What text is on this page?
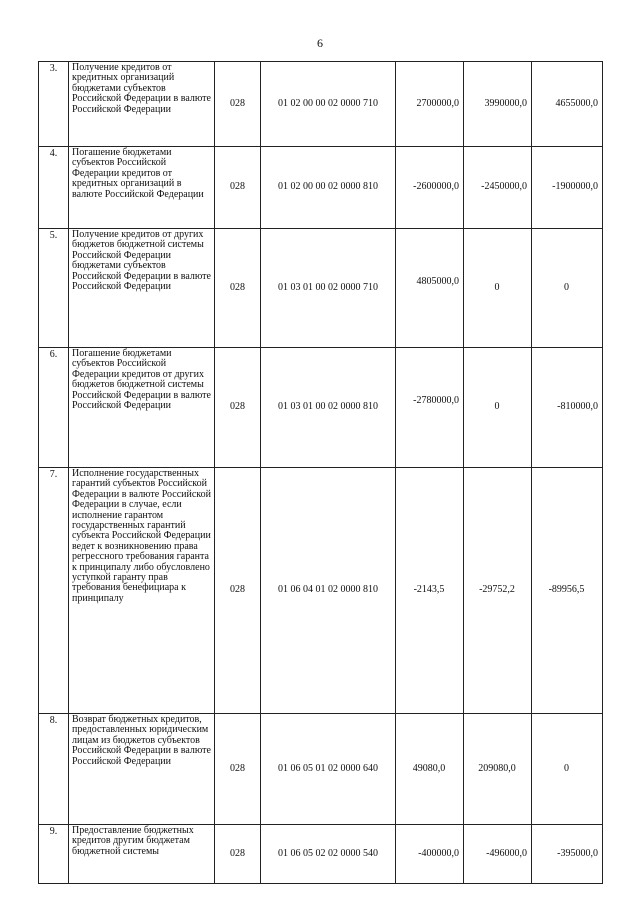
6
3.	Получение кредитов от кредитных организаций бюджетами субъектов Российской Федерации в валюте Российской Федерации	028	01 02 00 00 02 0000 710	2700000,0	3990000,0	4655000,0
4.	Погашение бюджетами субъектов Российской Федерации кредитов от кредитных организаций в валюте Российской Федерации	028	01 02 00 00 02 0000 810	-2600000,0	-2450000,0	-1900000,0
5.	Получение кредитов от других бюджетов бюджетной системы Российской Федерации бюджетами субъектов Российской Федерации в валюте Российской Федерации	028	01 03 01 00 02 0000 710	4805000,0	0	0
6.	Погашение бюджетами субъектов Российской Федерации кредитов от других бюджетов бюджетной системы Российской Федерации в валюте Российской Федерации	028	01 03 01 00 02 0000 810	-2780000,0	0	-810000,0
7.	Исполнение государственных гарантий субъектов Российской Федерации в валюте Российской Федерации в случае, если исполнение гарантом государственных гарантий субъекта Российской Федерации ведет к возникновению права регрессного требования гаранта к принципалу либо обусловлено уступкой гаранту прав требования бенефициара к принципалу	028	01 06 04 01 02 0000 810	-2143,5	-29752,2	-89956,5
8.	Возврат бюджетных кредитов, предоставленных юридическим лицам из бюджетов субъектов Российской Федерации в валюте Российской Федерации	028	01 06 05 01 02 0000 640	49080,0	209080,0	0
9.	Предоставление бюджетных кредитов другим бюджетам бюджетной системы	028	01 06 05 02 02 0000 540	-400000,0	-496000,0	-395000,0
